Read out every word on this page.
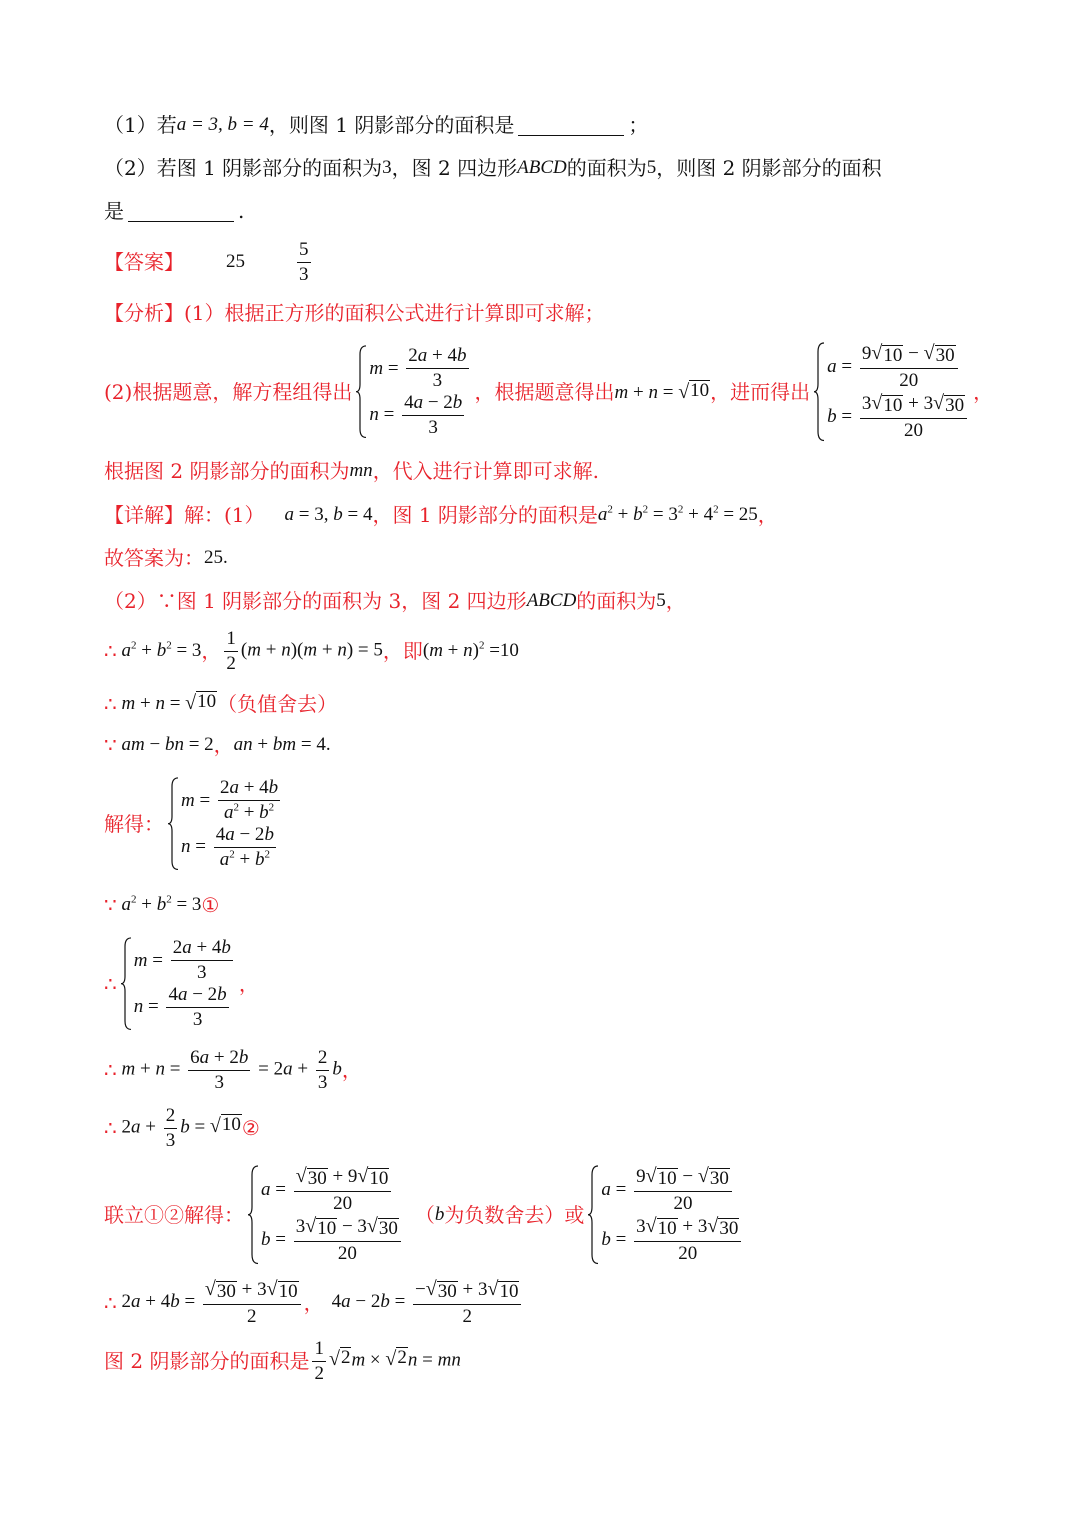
（1）若 a = 3, b = 4 ，则图 1 阴影部分的面积是	；
（2）若图 1 阴影部分的面积为 3 ，图 2 四边形 ABCD 的面积为 5 ，则图 2 阴影部分的面积
是	.
【答案】 25	$\frac{5}{3}$
【分析】 (1）根据正方形的面积公式进行计算即可求解；
(2)根据题意，解方程组得出
$m = \frac{2a + 4b}{3}$
$n = \frac{4a - 2b}{3}$ ，根据题意得出 m + n = √ 10 ，进而得出
$a = \frac{9 √ 10 - √ 30}{20}$
$b = \frac{3 √ 10 + 3 √ 30}{20}$ ，
根据图 2 阴影部分的面积为 mn ，代入进行计算即可求解.
【详解】 解：(1） a = 3, b = 4 ，图 1 阴影部分的面积是 $a^2 + b^2 = 3^2 + 4^2 = 25$ ，
故答案为： 25 .
（2）∵图 1 阴影部分的面积为 3，图 2 四边形 ABCD 的面积为 5 ，
∴ $a^2 + b^2 = 3$ ， $\frac{1}{2} (m + n)(m + n) = 5$ ，即 $(m + n)^2 =10$
∴ m + n = √ 10 （负值舍去）
∵ am − bn = 2 ， an + bm = 4 .
解得：
$m = \frac{2a + 4b}{a^2 + b^2}$
$n = \frac{4a - 2b}{a^2 + b^2}$
∵ $a^2 + b^2 = 3$ ①
∴
$m = \frac{2a + 4b}{3}$
$n = \frac{4a - 2b}{3}$ ，
∴ $m + n = \frac{6a + 2b}{3} = 2a + \frac{2}{3}$ b ，
∴ $2a + \frac{2}{3}$ b = √ 10 ②
联立①②解得：
$a = \frac{√ 30 + 9 √ 10}{20}$
$b = \frac{3 √ 10 - 3 √ 30}{20}$ （ b 为负数舍去）或
$a = \frac{9 √ 10 - √ 30}{20}$
$b = \frac{3 √ 10 + 3 √ 30}{20}$
∴ $2a + 4b = \frac{√ 30 + 3 √ 10}{2}$ ， $4a - 2b = \frac{- √ 30 + 3 √ 10}{2}$
图 2 阴影部分的面积是 $\frac{1}{2}$ √ 2 m × √ 2 n = mn
